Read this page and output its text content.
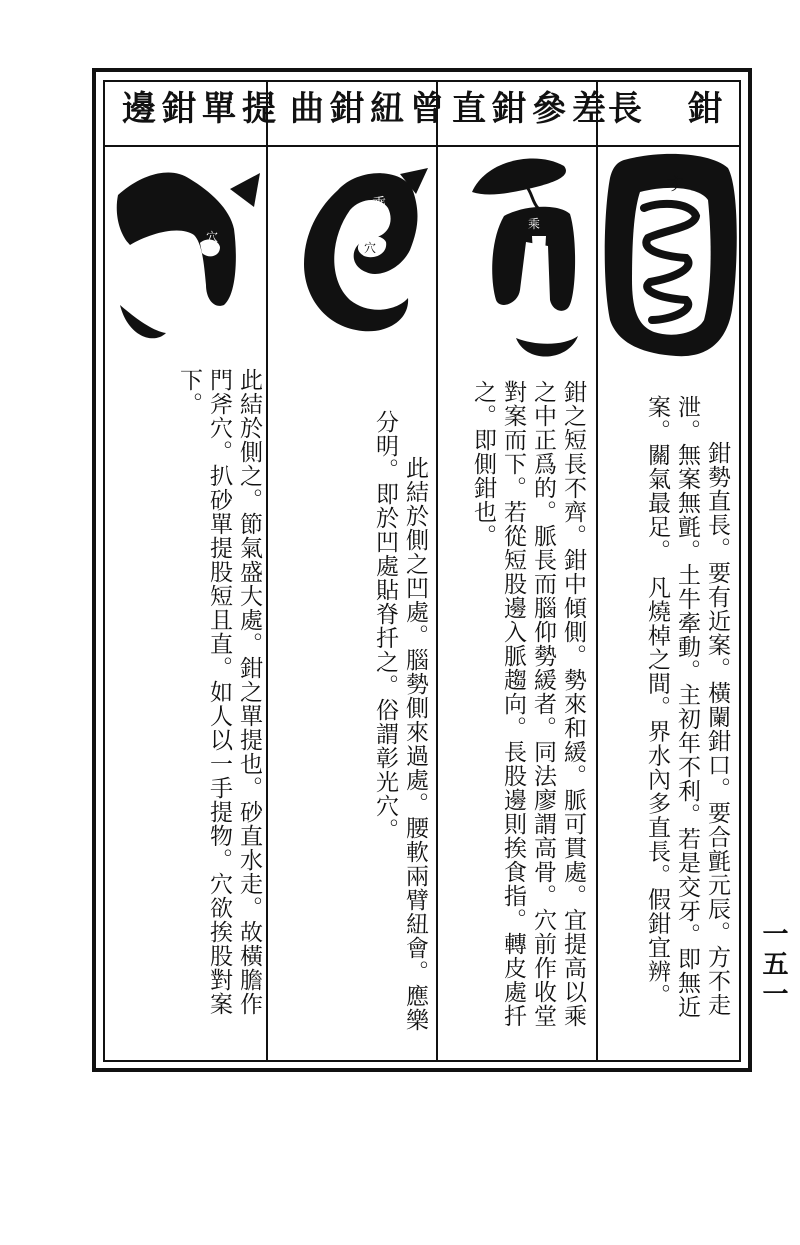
長　鉗
す

鉗勢直長。要有近案。橫闌鉗口。要合氈元辰。方不走泄。無案無氈。土牛牽動。主初年不利。若是交牙。即無近案。關氣最足。　凡燒棹之間。界水內多直長。假鉗宜辨。

直鉗參差
乘
穴

鉗之短長不齊。鉗中傾側。勢來和緩。脈可貫處。宜提高以乘之中正爲的。脈長而腦仰勢緩者。同法廖謂高骨。穴前作收堂對案而下。若從短股邊入脈趨向。長股邊則挨食指。轉皮處扦之。即側鉗也。

曲鉗紐曾
乘
穴
穴

此結於側之凹處。腦勢側來過處。腰軟兩臂紐會。應樂分明。即於凹處貼脊扦之。俗謂彰光穴。

邊鉗單提
穴

此結於側之。節氣盛大處。鉗之單提也。砂直水走。故橫膽作門斧穴。扒砂單提股短且直。如人以一手提物。穴欲挨股對案下。

一五一
